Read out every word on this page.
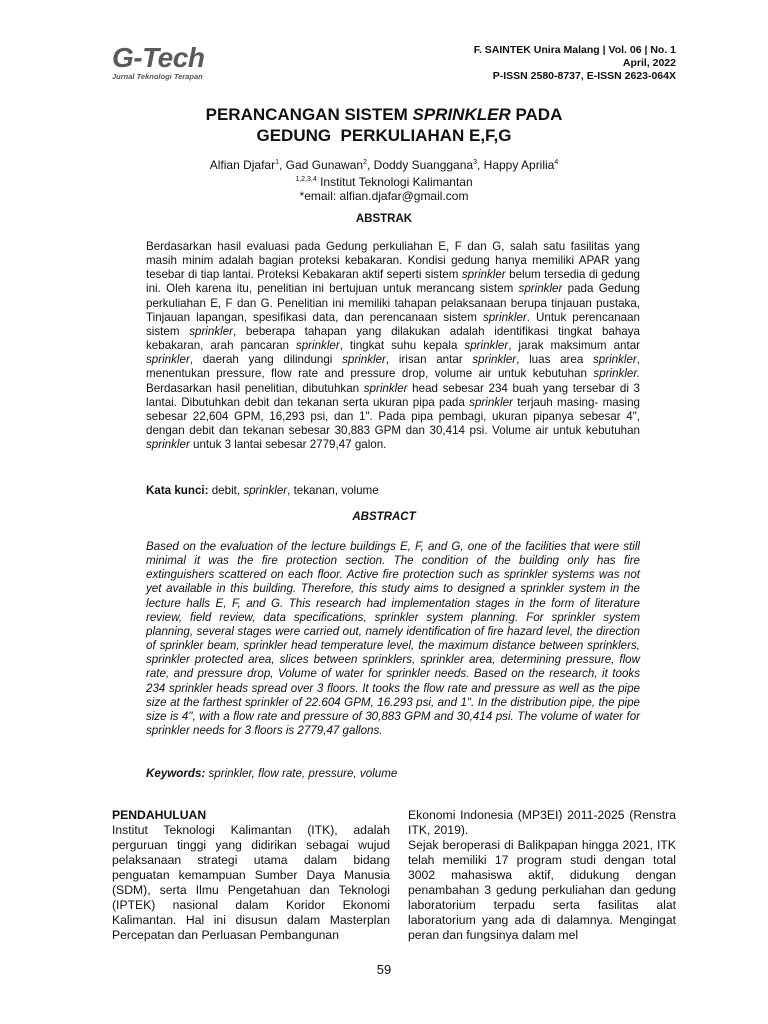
G-Tech
Jurnal Teknologi Terapan
F. SAINTEK Unira Malang | Vol. 06 | No. 1
April, 2022
P-ISSN 2580-8737, E-ISSN 2623-064X
PERANCANGAN SISTEM SPRINKLER PADA
GEDUNG  PERKULIAHAN E,F,G
Alfian Djafar$^1$, Gad Gunawan$^2$, Doddy Suanggana$^3$, Happy Aprilia$^4$
$^{1,2,3,4}$ Institut Teknologi Kalimantan
*email: alfian.djafar@gmail.com
ABSTRAK
Berdasarkan hasil evaluasi pada Gedung perkuliahan E, F dan G, salah satu fasilitas yang masih minim adalah bagian proteksi kebakaran. Kondisi gedung hanya memiliki APAR yang tesebar di tiap lantai. Proteksi Kebakaran aktif seperti sistem sprinkler belum tersedia di gedung ini. Oleh karena itu, penelitian ini bertujuan untuk merancang sistem sprinkler pada Gedung perkuliahan E, F dan G. Penelitian ini memiliki tahapan pelaksanaan berupa tinjauan pustaka, Tinjauan lapangan, spesifikasi data, dan perencanaan sistem sprinkler. Untuk perencanaan sistem sprinkler, beberapa tahapan yang dilakukan adalah identifikasi tingkat bahaya kebakaran, arah pancaran sprinkler, tingkat suhu kepala sprinkler, jarak maksimum antar sprinkler, daerah yang dilindungi sprinkler, irisan antar sprinkler, luas area sprinkler, menentukan pressure, flow rate and pressure drop, volume air untuk kebutuhan sprinkler. Berdasarkan hasil penelitian, dibutuhkan sprinkler head sebesar 234 buah yang tersebar di 3 lantai. Dibutuhkan debit dan tekanan serta ukuran pipa pada sprinkler terjauh masing- masing sebesar 22,604 GPM, 16,293 psi, dan 1". Pada pipa pembagi, ukuran pipanya sebesar 4", dengan debit dan tekanan sebesar 30,883 GPM dan 30,414 psi. Volume air untuk kebutuhan sprinkler untuk 3 lantai sebesar 2779,47 galon.
Kata kunci: debit, sprinkler, tekanan, volume
ABSTRACT
Based on the evaluation of the lecture buildings E, F, and G, one of the facilities that were still minimal it was the fire protection section. The condition of the building only has fire extinguishers scattered on each floor. Active fire protection such as sprinkler systems was not yet available in this building. Therefore, this study aims to designed a sprinkler system in the lecture halls E, F, and G. This research had implementation stages in the form of literature review, field review, data specifications, sprinkler system planning. For sprinkler system planning, several stages were carried out, namely identification of fire hazard level, the direction of sprinkler beam, sprinkler head temperature level, the maximum distance between sprinklers, sprinkler protected area, slices between sprinklers, sprinkler area, determining pressure, flow rate, and pressure drop, Volume of water for sprinkler needs. Based on the research, it tooks 234 sprinkler heads spread over 3 floors. It tooks the flow rate and pressure as well as the pipe size at the farthest sprinkler of 22.604 GPM, 16.293 psi, and 1". In the distribution pipe, the pipe size is 4", with a flow rate and pressure of 30,883 GPM and 30,414 psi. The volume of water for sprinkler needs for 3 floors is 2779,47 gallons.
Keywords: sprinkler, flow rate, pressure, volume
PENDAHULUAN
Institut Teknologi Kalimantan (ITK), adalah perguruan tinggi yang didirikan sebagai wujud pelaksanaan strategi utama dalam bidang penguatan kemampuan Sumber Daya Manusia (SDM), serta Ilmu Pengetahuan dan Teknologi (IPTEK) nasional dalam Koridor Ekonomi Kalimantan. Hal ini disusun dalam Masterplan Percepatan dan Perluasan Pembangunan
Ekonomi Indonesia (MP3EI) 2011-2025 (Renstra ITK, 2019).
Sejak beroperasi di Balikpapan hingga 2021, ITK telah memiliki 17 program studi dengan total 3002 mahasiswa aktif, didukung dengan penambahan 3 gedung perkuliahan dan gedung laboratorium terpadu serta fasilitas alat laboratorium yang ada di dalamnya. Mengingat peran dan fungsinya dalam mel
59
